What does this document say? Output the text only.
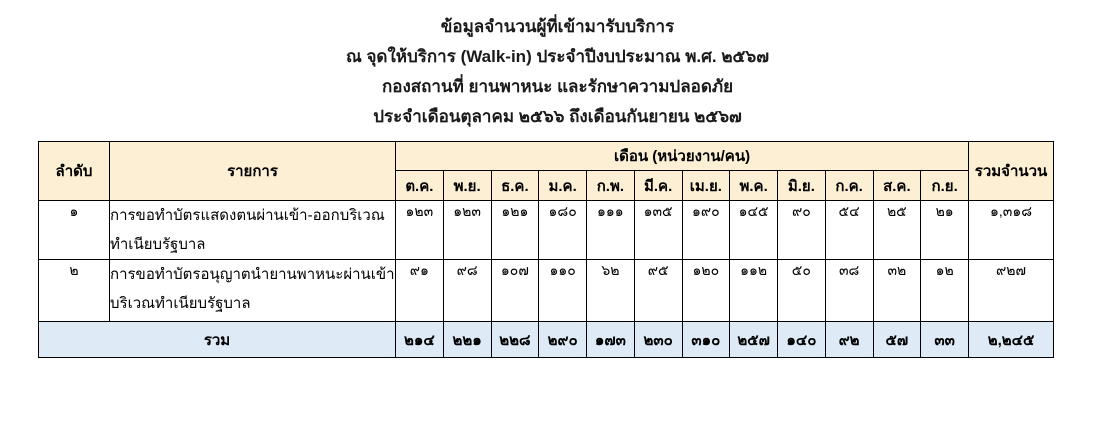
ข้อมูลจำนวนผู้ที่เข้ามารับบริการ
ณ จุดให้บริการ (Walk-in) ประจำปีงบประมาณ พ.ศ. ๒๕๖๗
กองสถานที่ ยานพาหนะ และรักษาความปลอดภัย
ประจำเดือนตุลาคม ๒๕๖๖ ถึงเดือนกันยายน ๒๕๖๗
ลำดับ	รายการ	เดือน (หน่วยงาน/คน)												รวมจำนวน
		ต.ค.	พ.ย.	ธ.ค.	ม.ค.	ก.พ.	มี.ค.	เม.ย.	พ.ค.	มิ.ย.	ก.ค.	ส.ค.	ก.ย.	
๑	การขอทำบัตรแสดงตนผ่านเข้า-ออกบริเวณ
ทำเนียบรัฐบาล	๑๒๓	๑๒๓	๑๒๑	๑๘๐	๑๑๑	๑๓๕	๑๙๐	๑๔๕	๙๐	๕๔	๒๕	๒๑	๑,๓๑๘
๒	การขอทำบัตรอนุญาตนำยานพาหนะผ่านเข้า
บริเวณทำเนียบรัฐบาล	๙๑	๙๘	๑๐๗	๑๑๐	๖๒	๙๕	๑๒๐	๑๑๒	๕๐	๓๘	๓๒	๑๒	๙๒๗
รวม		๒๑๔	๒๒๑	๒๒๘	๒๙๐	๑๗๓	๒๓๐	๓๑๐	๒๕๗	๑๔๐	๙๒	๕๗	๓๓	๒,๒๔๕
